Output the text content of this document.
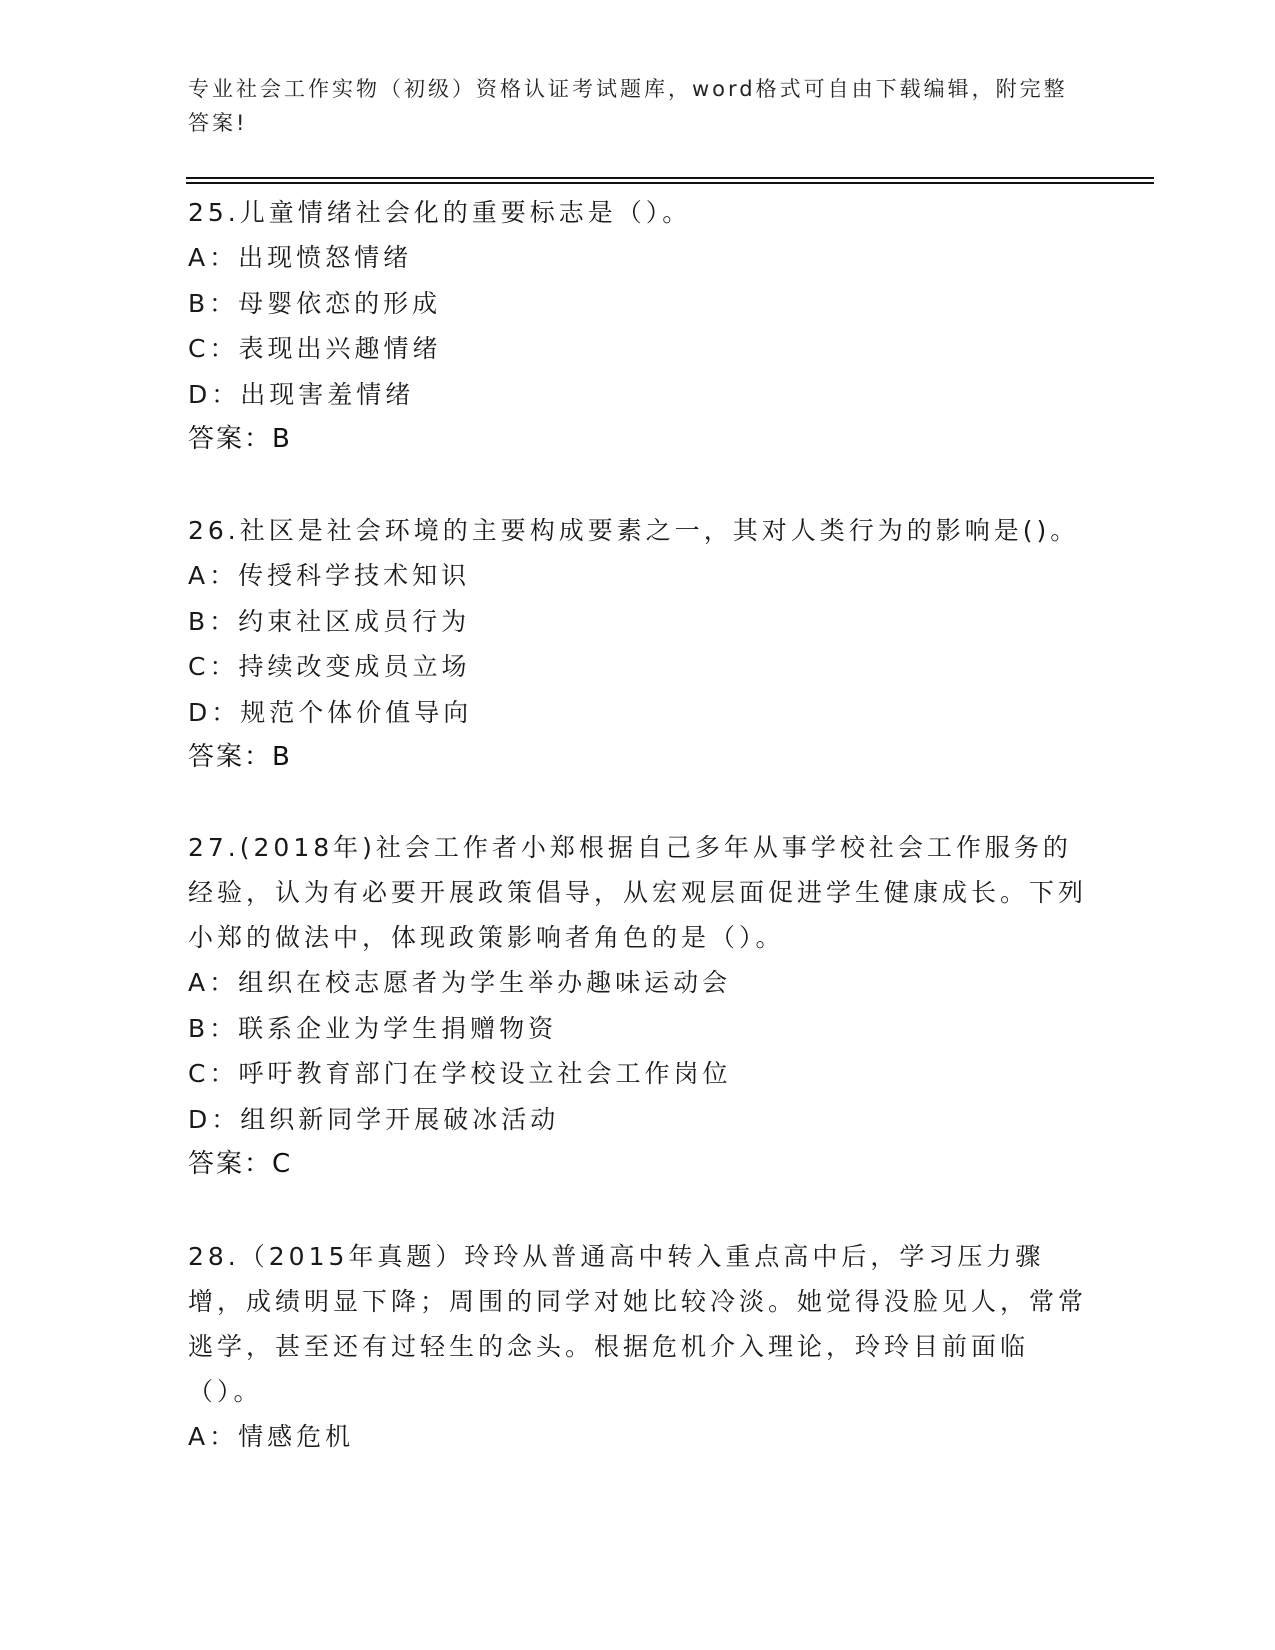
专业社会工作实物（初级）资格认证考试题库，word格式可自由下载编辑，附完整答案!

25.儿童情绪社会化的重要标志是（）。

A：出现愤怒情绪

B：母婴依恋的形成

C：表现出兴趣情绪

D：出现害羞情绪

答案：B

26.社区是社会环境的主要构成要素之一，其对人类行为的影响是()。

A：传授科学技术知识

B：约束社区成员行为

C：持续改变成员立场

D：规范个体价值导向

答案：B

27.(2018年)社会工作者小郑根据自己多年从事学校社会工作服务的经验，认为有必要开展政策倡导，从宏观层面促进学生健康成长。下列小郑的做法中，体现政策影响者角色的是（）。

A：组织在校志愿者为学生举办趣味运动会

B：联系企业为学生捐赠物资

C：呼吁教育部门在学校设立社会工作岗位

D：组织新同学开展破冰活动

答案：C

28.（2015年真题）玲玲从普通高中转入重点高中后，学习压力骤增，成绩明显下降；周围的同学对她比较冷淡。她觉得没脸见人，常常逃学，甚至还有过轻生的念头。根据危机介入理论，玲玲目前面临（）。

A：情感危机
